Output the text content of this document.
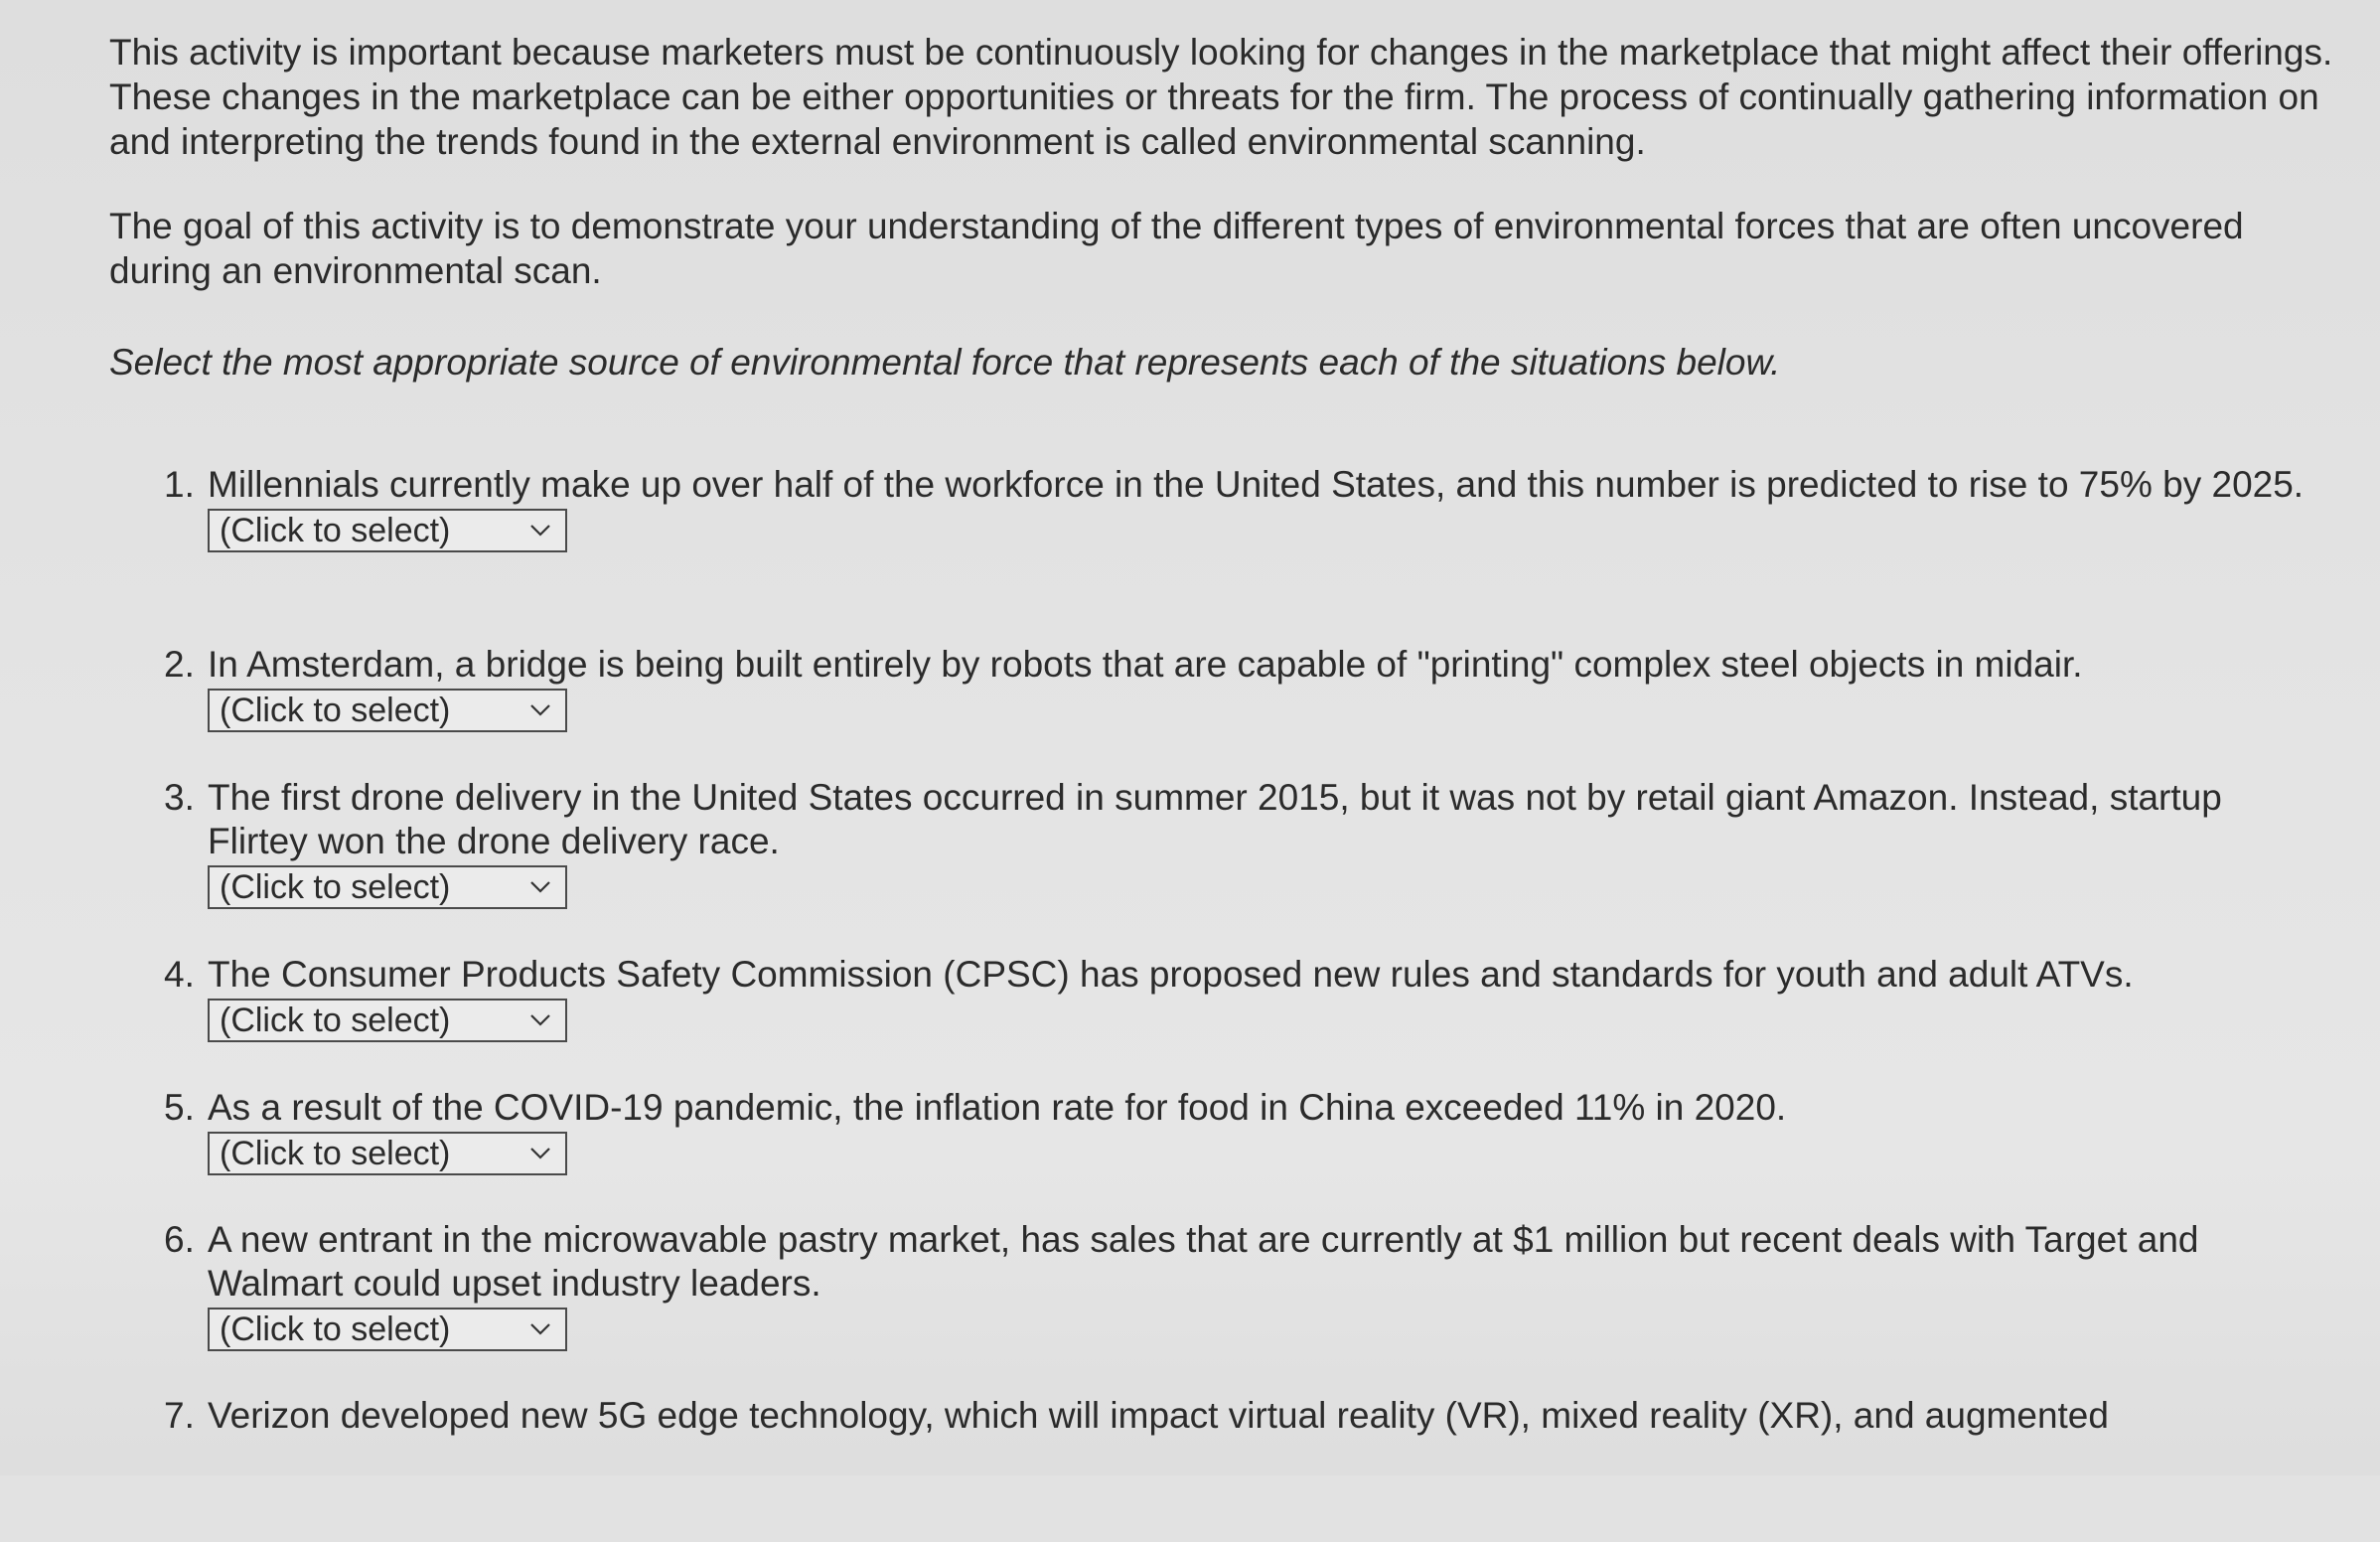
This activity is important because marketers must be continuously looking for changes in the marketplace that might affect their offerings. These changes in the marketplace can be either opportunities or threats for the firm. The process of continually gathering information on and interpreting the trends found in the external environment is called environmental scanning.

The goal of this activity is to demonstrate your understanding of the different types of environmental forces that are often uncovered during an environmental scan.

Select the most appropriate source of environmental force that represents each of the situations below.

1. Millennials currently make up over half of the workforce in the United States, and this number is predicted to rise to 75% by 2025.
(Click to select)
2. In Amsterdam, a bridge is being built entirely by robots that are capable of "printing" complex steel objects in midair.
(Click to select)
3. The first drone delivery in the United States occurred in summer 2015, but it was not by retail giant Amazon. Instead, startup Flirtey won the drone delivery race.
(Click to select)
4. The Consumer Products Safety Commission (CPSC) has proposed new rules and standards for youth and adult ATVs.
(Click to select)
5. As a result of the COVID-19 pandemic, the inflation rate for food in China exceeded 11% in 2020.
(Click to select)
6. A new entrant in the microwavable pastry market, has sales that are currently at $1 million but recent deals with Target and Walmart could upset industry leaders.
(Click to select)
7. Verizon developed new 5G edge technology, which will impact virtual reality (VR), mixed reality (XR), and augmented
